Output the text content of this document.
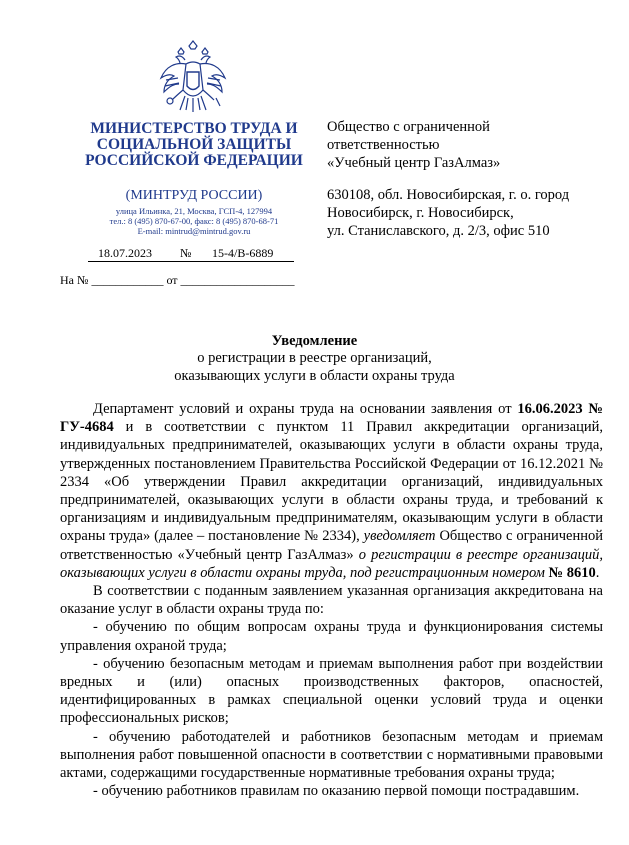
МИНИСТЕРСТВО ТРУДА И СОЦИАЛЬНОЙ ЗАЩИТЫ РОССИЙСКОЙ ФЕДЕРАЦИИ
(МИНТРУД РОССИИ)
улица Ильинка, 21, Москва, ГСП-4, 127994
тел.: 8 (495) 870-67-00, факс: 8 (495) 870-68-71
E-mail: mintrud@mintrud.gov.ru
18.07.2023 № 15-4/В-6889
На № ____________ от ___________________
Общество с ограниченной
ответственностью
«Учебный центр ГазАлмаз»
630108, обл. Новосибирская, г. о. город
Новосибирск, г. Новосибирск,
ул. Станиславского, д. 2/3, офис 510
Уведомление
о регистрации в реестре организаций,
оказывающих услуги в области охраны труда

Департамент условий и охраны труда на основании заявления от 16.06.2023 № ГУ-4684 и в соответствии с пунктом 11 Правил аккредитации организаций, индивидуальных предпринимателей, оказывающих услуги в области охраны труда, утвержденных постановлением Правительства Российской Федерации от 16.12.2021 № 2334 «Об утверждении Правил аккредитации организаций, индивидуальных предпринимателей, оказывающих услуги в области охраны труда, и требований к организациям и индивидуальным предпринимателям, оказывающим услуги в области охраны труда» (далее – постановление № 2334), уведомляет Общество с ограниченной ответственностью «Учебный центр ГазАлмаз» о регистрации в реестре организаций, оказывающих услуги в области охраны труда, под регистрационным номером № 8610.

В соответствии с поданным заявлением указанная организация аккредитована на оказание услуг в области охраны труда по:

- обучению по общим вопросам охраны труда и функционирования системы управления охраной труда;

- обучению безопасным методам и приемам выполнения работ при воздействии вредных и (или) опасных производственных факторов, опасностей, идентифицированных в рамках специальной оценки условий труда и оценки профессиональных рисков;

- обучению работодателей и работников безопасным методам и приемам выполнения работ повышенной опасности в соответствии с нормативными правовыми актами, содержащими государственные нормативные требования охраны труда;

- обучению работников правилам по оказанию первой помощи пострадавшим.
